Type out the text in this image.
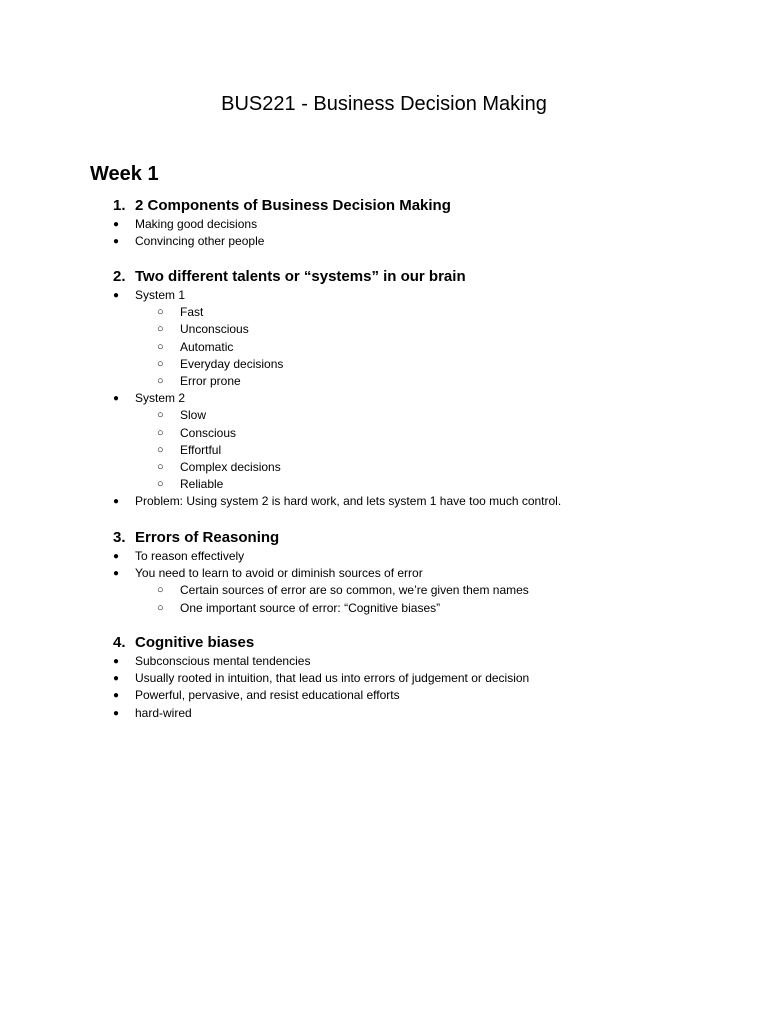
BUS221 - Business Decision Making
Week 1
1. 2 Components of Business Decision Making
● Making good decisions
● Convincing other people
2. Two different talents or “systems” in our brain
● System 1
○ Fast
○ Unconscious
○ Automatic
○ Everyday decisions
○ Error prone
● System 2
○ Slow
○ Conscious
○ Effortful
○ Complex decisions
○ Reliable
● Problem: Using system 2 is hard work, and lets system 1 have too much control.
3. Errors of Reasoning
● To reason effectively
● You need to learn to avoid or diminish sources of error
○ Certain sources of error are so common, we’re given them names
○ One important source of error: “Cognitive biases”
4. Cognitive biases
● Subconscious mental tendencies
● Usually rooted in intuition, that lead us into errors of judgement or decision
● Powerful, pervasive, and resist educational efforts
● hard-wired
